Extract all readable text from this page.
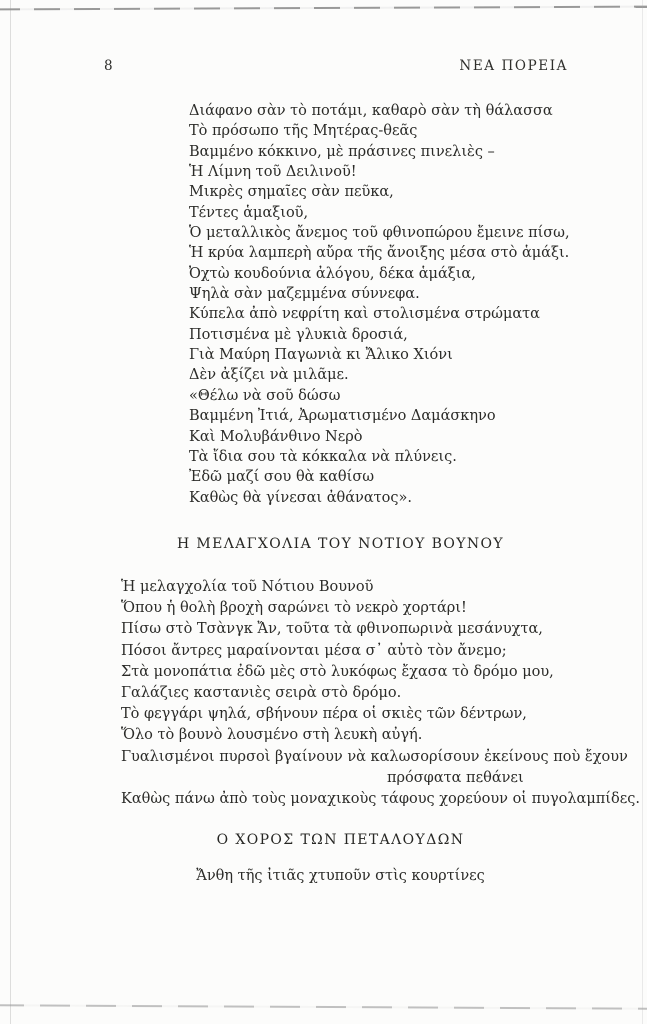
8	ΝΕΑ ΠΟΡΕΙΑ
Διάφανο σὰν τὸ ποτάμι, καθαρὸ σὰν τὴ θάλασσα
Τὸ πρόσωπο τῆς Μητέρας-θεᾶς
Βαμμένο κόκκινο, μὲ πράσινες πινελιὲς –
Ἡ Λίμνη τοῦ Δειλινοῦ!
Μικρὲς σημαῖες σὰν πεῦκα,
Τέντες ἁμαξιοῦ,
Ὁ μεταλλικὸς ἄνεμος τοῦ φθινοπώρου ἔμεινε πίσω,
Ἡ κρύα λαμπερὴ αὔρα τῆς ἄνοιξης μέσα στὸ ἁμάξι.
Ὀχτὼ κουδούνια ἀλόγου, δέκα ἁμάξια,
Ψηλὰ σὰν μαζεμμένα σύννεφα.
Κύπελα ἀπὸ νεφρίτη καὶ στολισμένα στρώματα
Ποτισμένα μὲ γλυκιὰ δροσιά,
Γιὰ Μαύρη Παγωνιὰ κι Ἄλικο Χιόνι
Δὲν ἀξίζει νὰ μιλᾶμε.
«Θέλω νὰ σοῦ δώσω
Βαμμένη Ἰτιά, Ἀρωματισμένο Δαμάσκηνο
Καὶ Μολυβάνθινο Νερὸ
Τὰ ἴδια σου τὰ κόκκαλα νὰ πλύνεις.
Ἐδῶ μαζί σου θὰ καθίσω
Καθὼς θὰ γίνεσαι ἀθάνατος».
Η ΜΕΛΑΓΧΟΛΙΑ ΤΟΥ ΝΟΤΙΟΥ ΒΟΥΝΟΥ
Ἡ μελαγχολία τοῦ Νότιου Βουνοῦ
Ὅπου ἡ θολὴ βροχὴ σαρώνει τὸ νεκρὸ χορτάρι!
Πίσω στὸ Τσὰνγκ Ἄν, τοῦτα τὰ φθινοπωρινὰ μεσάνυχτα,
Πόσοι ἄντρες μαραίνονται μέσα σ᾽ αὐτὸ τὸν ἄνεμο;
Στὰ μονοπάτια ἐδῶ μὲς στὸ λυκόφως ἔχασα τὸ δρόμο μου,
Γαλάζιες καστανιὲς σειρὰ στὸ δρόμο.
Τὸ φεγγάρι ψηλά, σβήνουν πέρα οἱ σκιὲς τῶν δέντρων,
Ὅλο τὸ βουνὸ λουσμένο στὴ λευκὴ αὐγή.
Γυαλισμένοι πυρσοὶ βγαίνουν νὰ καλωσορίσουν ἐκείνους ποὺ ἔχουν
πρόσφατα πεθάνει
Καθὼς πάνω ἀπὸ τοὺς μοναχικοὺς τάφους χορεύουν οἱ πυγολαμπίδες.
Ο ΧΟΡΟΣ ΤΩΝ ΠΕΤΑΛΟΥΔΩΝ
Ἄνθη τῆς ἰτιᾶς χτυποῦν στὶς κουρτίνες
